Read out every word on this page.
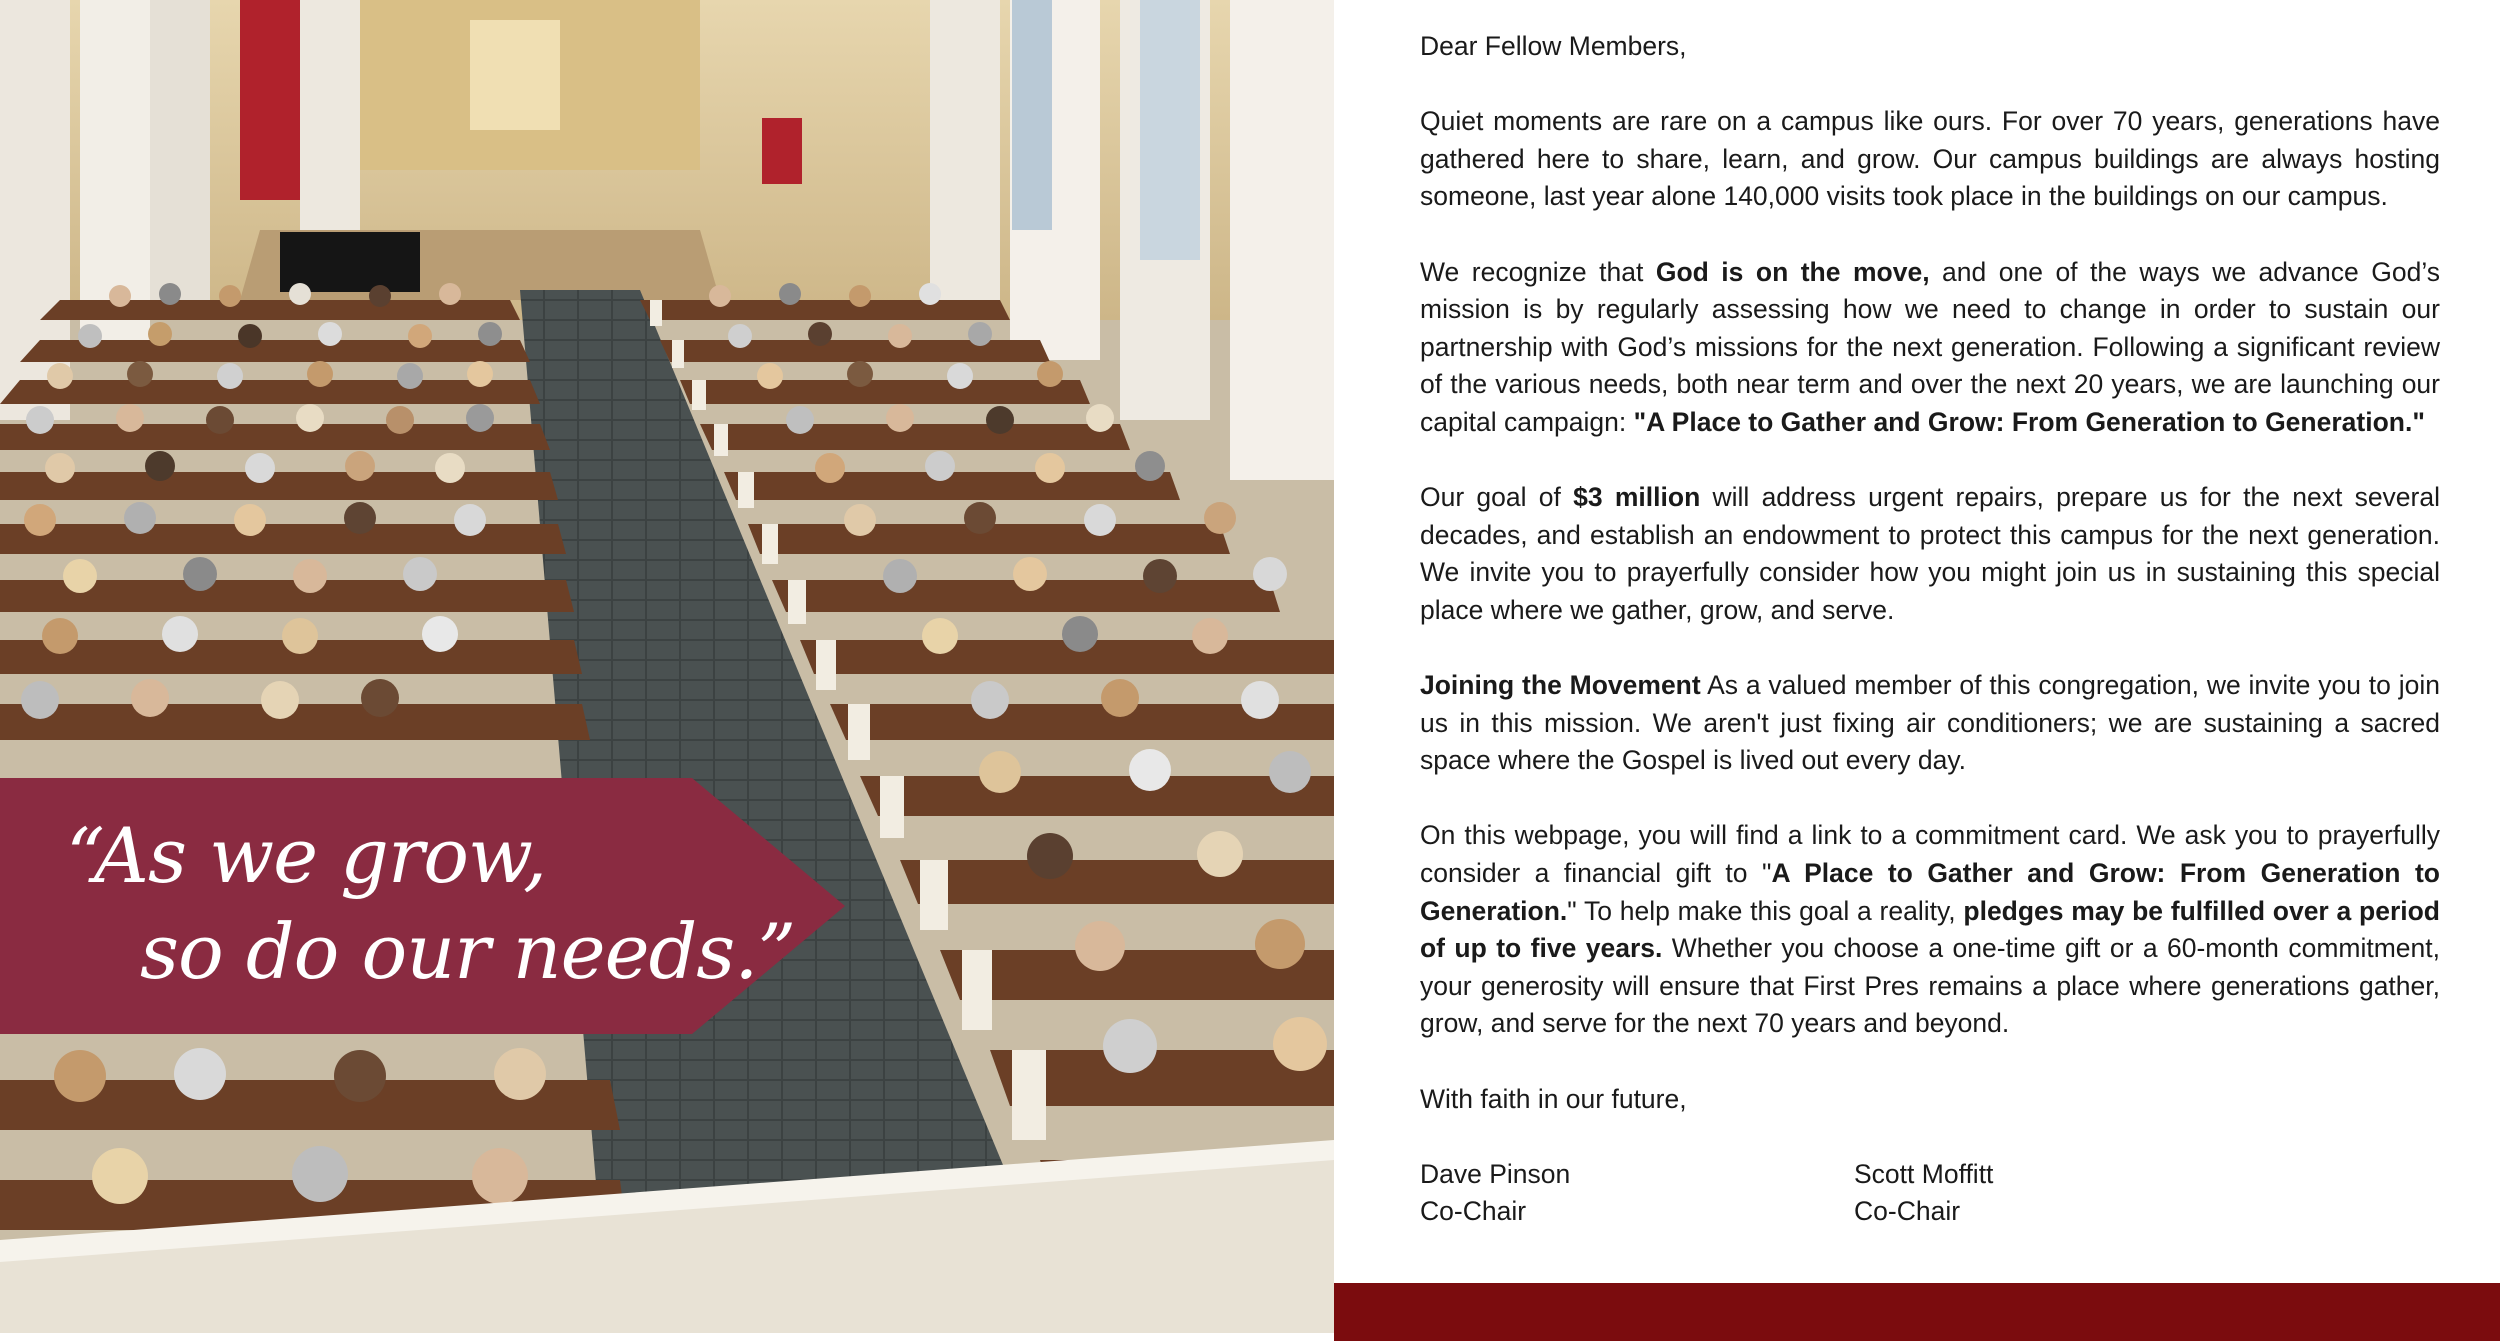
“As we grow,
so do our needs.”

Dear Fellow Members,

Quiet moments are rare on a campus like ours. For over 70 years, generations have gathered here to share, learn, and grow. Our campus buildings are always hosting someone, last year alone 140,000 visits took place in the buildings on our campus.

We recognize that God is on the move, and one of the ways we advance God’s mission is by regularly assessing how we need to change in order to sustain our partnership with God’s missions for the next generation. Following a significant review of the various needs, both near term and over the next 20 years, we are launching our capital campaign: "A Place to Gather and Grow: From Generation to Generation."

Our goal of $3 million will address urgent repairs, prepare us for the next several decades, and establish an endowment to protect this campus for the next generation. We invite you to prayerfully consider how you might join us in sustaining this special place where we gather, grow, and serve.

Joining the Movement As a valued member of this congregation, we invite you to join us in this mission. We aren't just fixing air conditioners; we are sustaining a sacred space where the Gospel is lived out every day.

On this webpage, you will find a link to a commitment card. We ask you to prayerfully consider a financial gift to "A Place to Gather and Grow: From Generation to Generation." To help make this goal a reality, pledges may be fulfilled over a period of up to five years. Whether you choose a one-time gift or a 60-month commitment, your generosity will ensure that First Pres remains a place where generations gather, grow, and serve for the next 70 years and beyond.

With faith in our future,

Dave Pinson	Scott Moffitt
Co-Chair	Co-Chair
